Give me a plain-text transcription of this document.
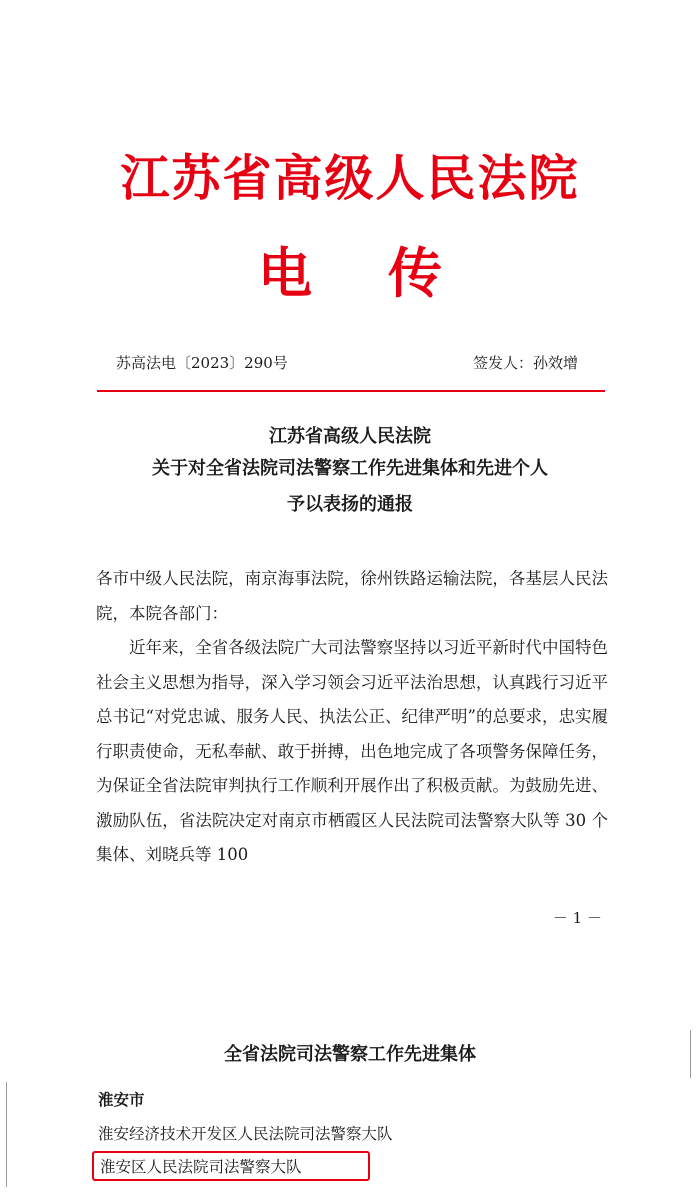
江苏省高级人民法院
电 传
苏高法电〔2023〕290号	签发人：孙效增
江苏省高级人民法院
关于对全省法院司法警察工作先进集体和先进个人
予以表扬的通报

各市中级人民法院，南京海事法院，徐州铁路运输法院，各基层人民法院，本院各部门：

近年来，全省各级法院广大司法警察坚持以习近平新时代中国特色社会主义思想为指导，深入学习领会习近平法治思想，认真践行习近平总书记“对党忠诚、服务人民、执法公正、纪律严明”的总要求，忠实履行职责使命，无私奉献、敢于拼搏，出色地完成了各项警务保障任务，为保证全省法院审判执行工作顺利开展作出了积极贡献。为鼓励先进、激励队伍，省法院决定对南京市栖霞区人民法院司法警察大队等 30 个集体、刘晓兵等 100

－ 1 －
全省法院司法警察工作先进集体
淮安市
淮安经济技术开发区人民法院司法警察大队
淮安区人民法院司法警察大队
